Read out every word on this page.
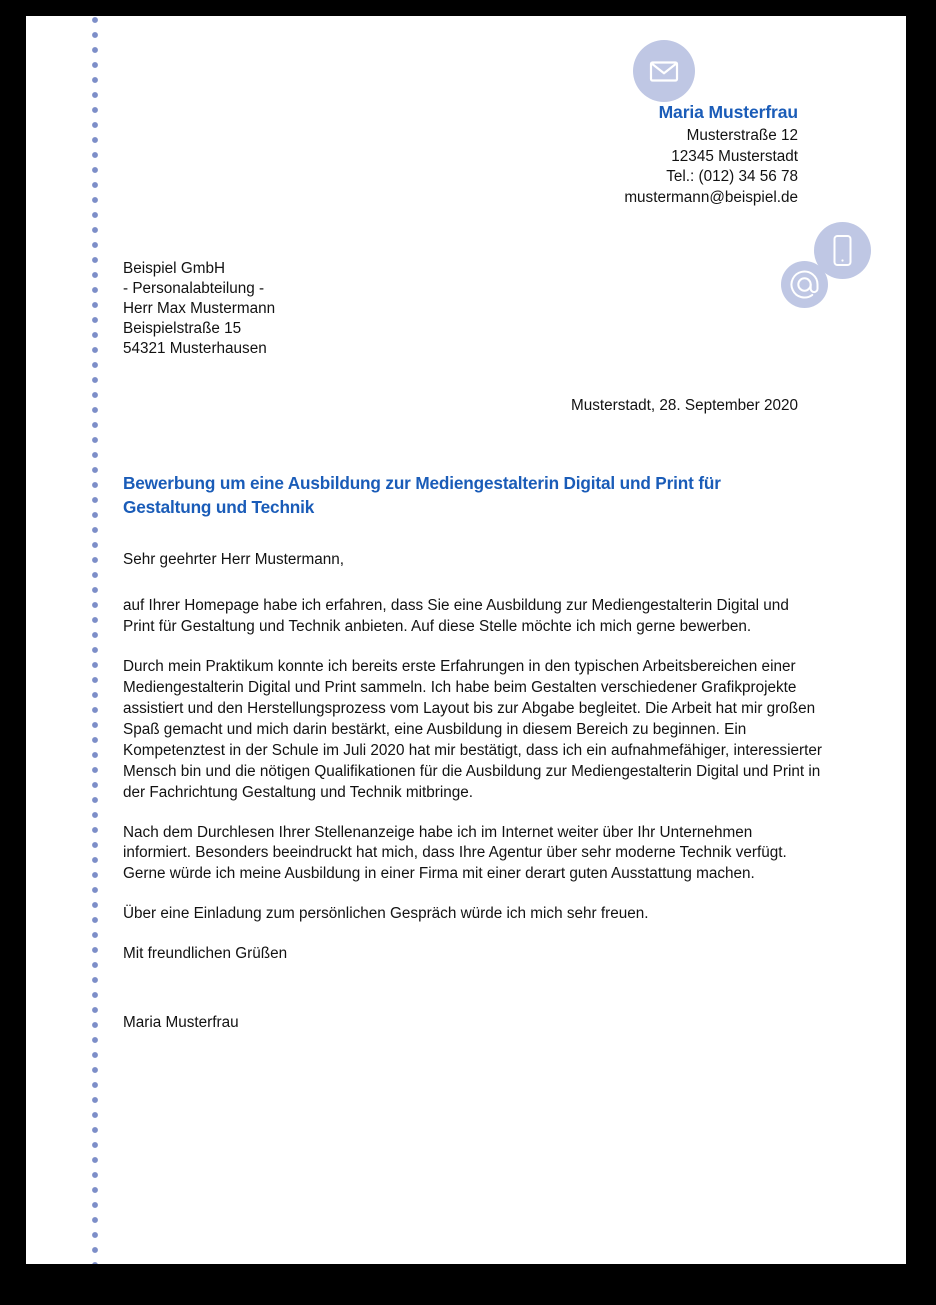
Maria Musterfrau
Musterstraße 12
12345 Musterstadt
Tel.: (012) 34 56 78
mustermann@beispiel.de
Beispiel GmbH
- Personalabteilung -
Herr Max Mustermann
Beispielstraße 15
54321 Musterhausen
Musterstadt, 28. September 2020
Bewerbung um eine Ausbildung zur Mediengestalterin Digital und Print für Gestaltung und Technik

Sehr geehrter Herr Mustermann,

auf Ihrer Homepage habe ich erfahren, dass Sie eine Ausbildung zur Mediengestalterin Digital und Print für Gestaltung und Technik anbieten. Auf diese Stelle möchte ich mich gerne bewerben.

Durch mein Praktikum konnte ich bereits erste Erfahrungen in den typischen Arbeitsbereichen einer Mediengestalterin Digital und Print sammeln. Ich habe beim Gestalten verschiedener Grafikprojekte assistiert und den Herstellungsprozess vom Layout bis zur Abgabe begleitet. Die Arbeit hat mir großen Spaß gemacht und mich darin bestärkt, eine Ausbildung in diesem Bereich zu beginnen. Ein Kompetenztest in der Schule im Juli 2020 hat mir bestätigt, dass ich ein aufnahmefähiger, interessierter Mensch bin und die nötigen Qualifikationen für die Ausbildung zur Mediengestalterin Digital und Print in der Fachrichtung Gestaltung und Technik mitbringe.

Nach dem Durchlesen Ihrer Stellenanzeige habe ich im Internet weiter über Ihr Unternehmen informiert. Besonders beeindruckt hat mich, dass Ihre Agentur über sehr moderne Technik verfügt. Gerne würde ich meine Ausbildung in einer Firma mit einer derart guten Ausstattung machen.

Über eine Einladung zum persönlichen Gespräch würde ich mich sehr freuen.

Mit freundlichen Grüßen

Maria Musterfrau
